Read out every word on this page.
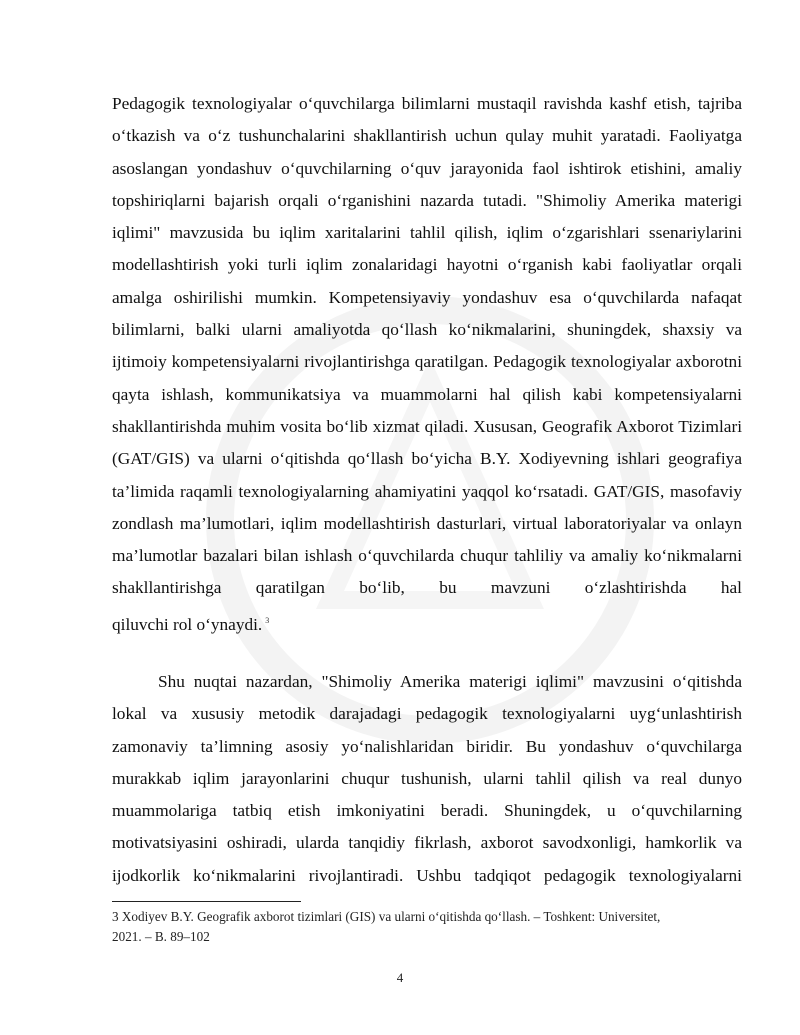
Pedagogik texnologiyalar o‘quvchilarga bilimlarni mustaqil ravishda kashf etish, tajriba o‘tkazish va o‘z tushunchalarini shakllantirish uchun qulay muhit yaratadi. Faoliyatga asoslangan yondashuv o‘quvchilarning o‘quv jarayonida faol ishtirok etishini, amaliy topshiriqlarni bajarish orqali o‘rganishini nazarda tutadi. "Shimoliy Amerika materigi iqlimi" mavzusida bu iqlim xaritalarini tahlil qilish, iqlim o‘zgarishlari ssenariylarini modellashtirish yoki turli iqlim zonalaridagi hayotni o‘rganish kabi faoliyatlar orqali amalga oshirilishi mumkin. Kompetensiyaviy yondashuv esa o‘quvchilarda nafaqat bilimlarni, balki ularni amaliyotda qo‘llash ko‘nikmalarini, shuningdek, shaxsiy va ijtimoiy kompetensiyalarni rivojlantirishga qaratilgan. Pedagogik texnologiyalar axborotni qayta ishlash, kommunikatsiya va muammolarni hal qilish kabi kompetensiyalarni shakllantirishda muhim vosita bo‘lib xizmat qiladi. Xususan, Geografik Axborot Tizimlari (GAT/GIS) va ularni o‘qitishda qo‘llash bo‘yicha B.Y. Xodiyevning ishlari geografiya ta’limida raqamli texnologiyalarning ahamiyatini yaqqol ko‘rsatadi. GAT/GIS, masofaviy zondlash ma’lumotlari, iqlim modellashtirish dasturlari, virtual laboratoriyalar va onlayn ma’lumotlar bazalari bilan ishlash o‘quvchilarda chuqur tahliliy va amaliy ko‘nikmalarni shakllantirishga qaratilgan bo‘lib, bu mavzuni o‘zlashtirishda hal
qiluvchi rol o‘ynaydi. $^3$

Shu nuqtai nazardan, "Shimoliy Amerika materigi iqlimi" mavzusini o‘qitishda lokal va xususiy metodik darajadagi pedagogik texnologiyalarni uyg‘unlashtirish zamonaviy ta’limning asosiy yo‘nalishlaridan biridir. Bu yondashuv o‘quvchilarga murakkab iqlim jarayonlarini chuqur tushunish, ularni tahlil qilish va real dunyo muammolariga tatbiq etish imkoniyatini beradi. Shuningdek, u o‘quvchilarning motivatsiyasini oshiradi, ularda tanqidiy fikrlash, axborot savodxonligi, hamkorlik va ijodkorlik ko‘nikmalarini rivojlantiradi. Ushbu tadqiqot pedagogik texnologiyalarni

3 Xodiyev B.Y. Geografik axborot tizimlari (GIS) va ularni o‘qitishda qo‘llash. – Toshkent: Universitet,
2021. – B. 89–102
4
